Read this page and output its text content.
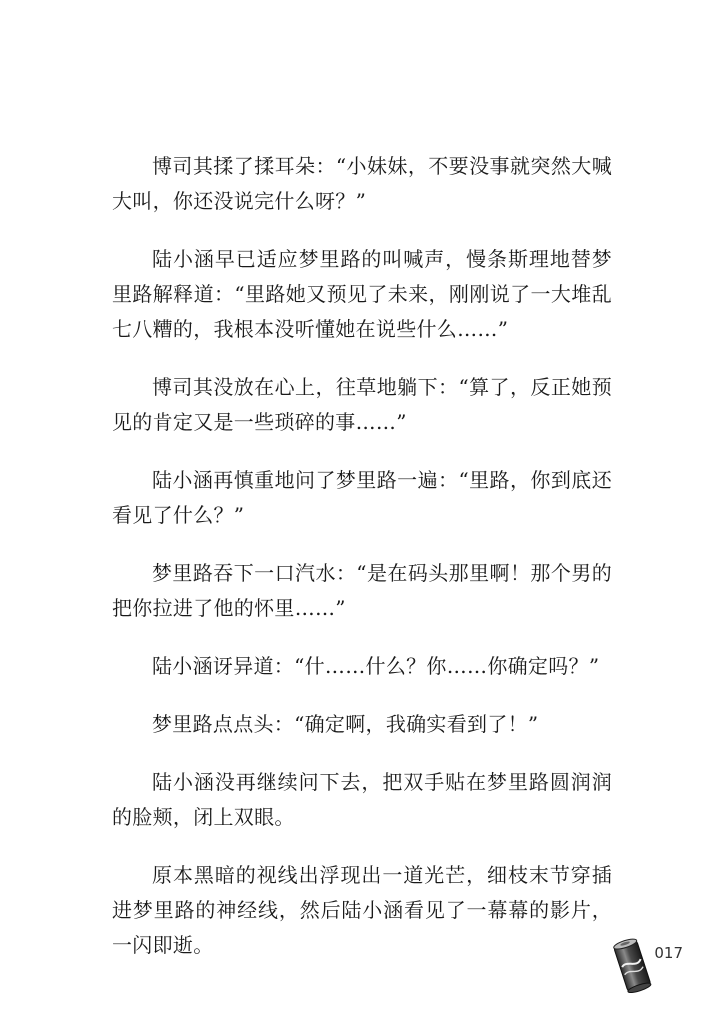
博司其揉了揉耳朵：“小妹妹，不要没事就突然大喊大叫，你还没说完什么呀？”

陆小涵早已适应梦里路的叫喊声，慢条斯理地替梦里路解释道：“里路她又预见了未来，刚刚说了一大堆乱七八糟的，我根本没听懂她在说些什么……”

博司其没放在心上，往草地躺下：“算了，反正她预见的肯定又是一些琐碎的事……”

陆小涵再慎重地问了梦里路一遍：“里路，你到底还看见了什么？”

梦里路吞下一口汽水：“是在码头那里啊！那个男的把你拉进了他的怀里……”

陆小涵讶异道：“什……什么？你……你确定吗？”

梦里路点点头：“确定啊，我确实看到了！”

陆小涵没再继续问下去，把双手贴在梦里路圆润润的脸颊，闭上双眼。

原本黑暗的视线出浮现出一道光芒，细枝末节穿插进梦里路的神经线，然后陆小涵看见了一幕幕的影片，一闪即逝。	017
